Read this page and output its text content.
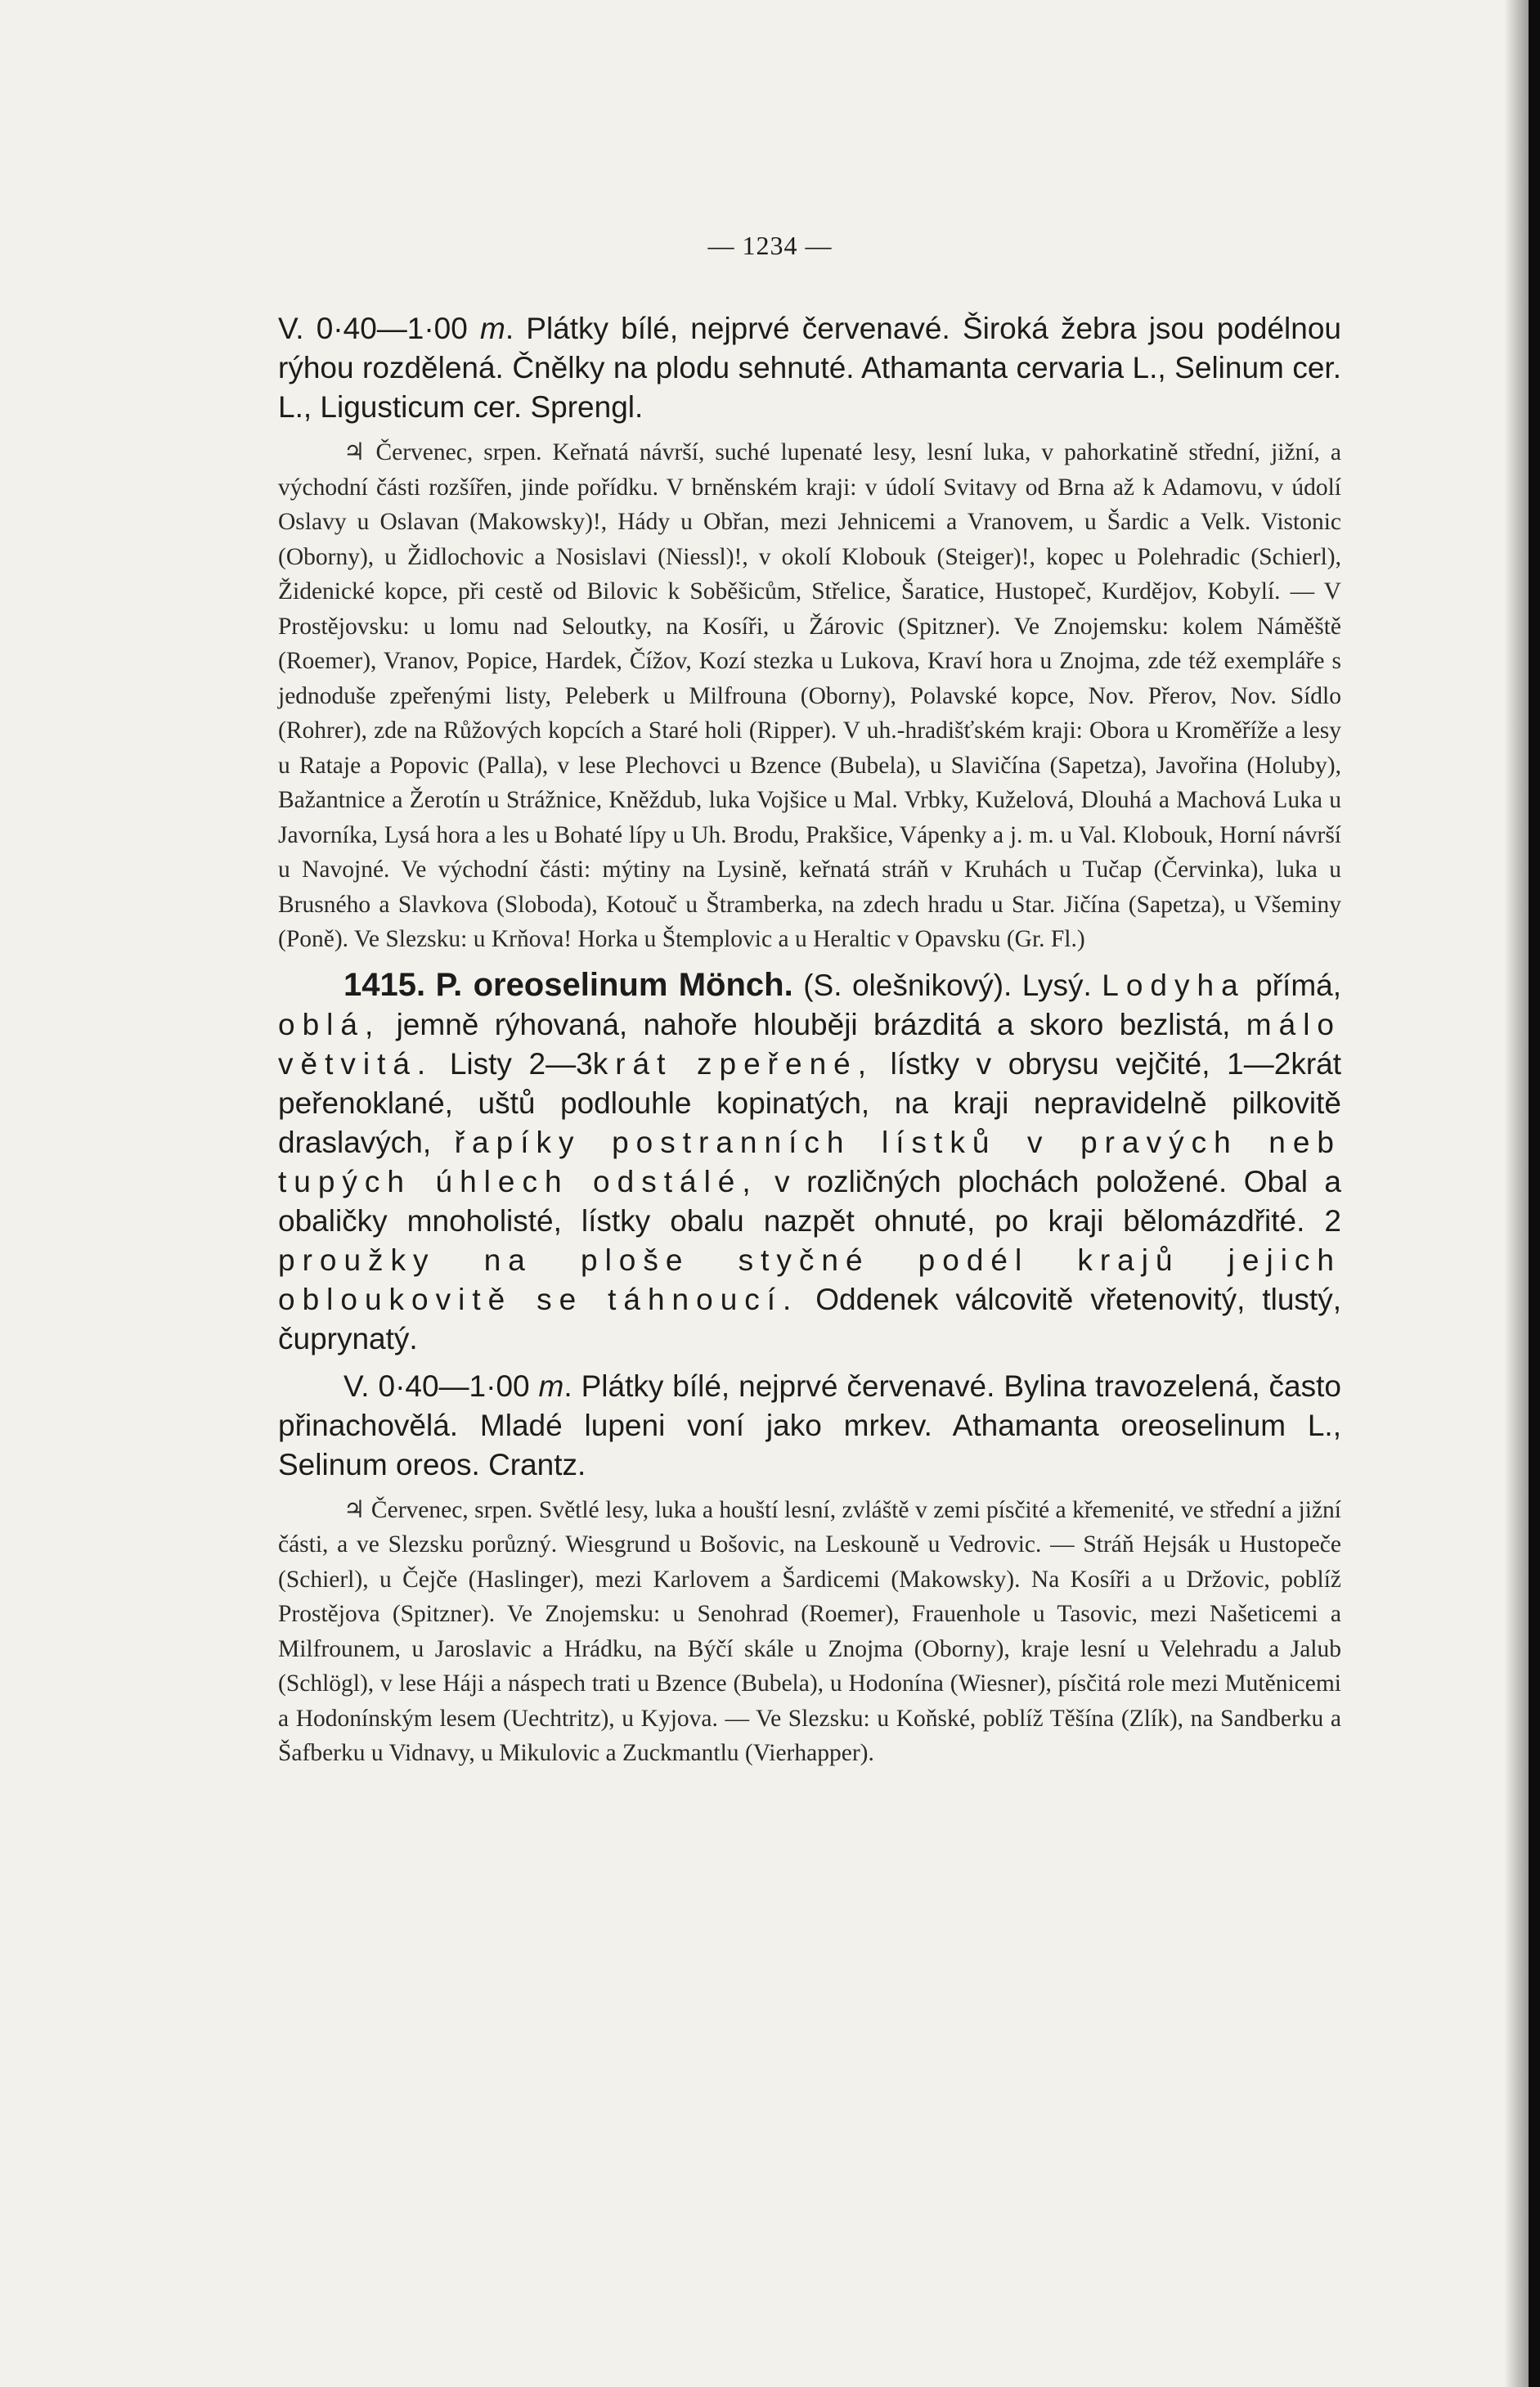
— 1234 —

V. 0·40—1·00 m. Plátky bílé, nejprvé červenavé. Široká žebra jsou podélnou rýhou rozdělená. Čnělky na plodu sehnuté. Athamanta cervaria L., Selinum cer. L., Ligusticum cer. Sprengl.

♃ Červenec, srpen. Keřnatá návrší, suché lupenaté lesy, lesní luka, v pahorkatině střední, jižní, a východní části rozšířen, jinde pořídku. V brněnském kraji: v údolí Svitavy od Brna až k Adamovu, v údolí Oslavy u Oslavan (Makowsky)!, Hády u Obřan, mezi Jehnicemi a Vranovem, u Šardic a Velk. Vistonic (Oborny), u Židlochovic a Nosislavi (Niessl)!, v okolí Klobouk (Steiger)!, kopec u Polehradic (Schierl), Židenické kopce, při cestě od Bilovic k Soběšicům, Střelice, Šaratice, Hustopeč, Kurdějov, Kobylí. — V Prostějovsku: u lomu nad Seloutky, na Kosíři, u Žárovic (Spitzner). Ve Znojemsku: kolem Náměště (Roemer), Vranov, Popice, Hardek, Čížov, Kozí stezka u Lukova, Kraví hora u Znojma, zde též exempláře s jednoduše zpeřenými listy, Peleberk u Milfrouna (Oborny), Polavské kopce, Nov. Přerov, Nov. Sídlo (Rohrer), zde na Růžových kopcích a Staré holi (Ripper). V uh.-hradišťském kraji: Obora u Kroměříže a lesy u Rataje a Popovic (Palla), v lese Plechovci u Bzence (Bubela), u Slavičína (Sapetza), Javořina (Holuby), Bažantnice a Žerotín u Strážnice, Kněždub, luka Vojšice u Mal. Vrbky, Kuželová, Dlouhá a Machová Luka u Javorníka, Lysá hora a les u Bohaté lípy u Uh. Brodu, Prakšice, Vápenky a j. m. u Val. Klobouk, Horní návrší u Navojné. Ve východní části: mýtiny na Lysině, keřnatá stráň v Kruhách u Tučap (Červinka), luka u Brusného a Slavkova (Sloboda), Kotouč u Štramberka, na zdech hradu u Star. Jičína (Sapetza), u Všeminy (Poně). Ve Slezsku: u Krňova! Horka u Štemplovic a u Heraltic v Opavsku (Gr. Fl.)

1415. P. oreoselinum Mönch. (S. olešnikový). Lysý. Lodyha přímá, oblá, jemně rýhovaná, nahoře hlouběji brázditá a skoro bezlistá, málo větvitá. Listy 2—3krát zpeřené, lístky v obrysu vejčité, 1—2krát peřenoklané, uštů podlouhle kopinatých, na kraji nepravidelně pilkovitě draslavých, řapíky postranních lístků v pravých neb tupých úhlech odstálé, v rozličných plochách položené. Obal a obaličky mnoholisté, lístky obalu nazpět ohnuté, po kraji bělomázdřité. 2 proužky na ploše styčné podél krajů jejich obloukovitě se táhnoucí. Oddenek válcovitě vřetenovitý, tlustý, čuprynatý.

V. 0·40—1·00 m. Plátky bílé, nejprvé červenavé. Bylina travozelená, často přinachovělá. Mladé lupeni voní jako mrkev. Athamanta oreoselinum L., Selinum oreos. Crantz.

♃ Červenec, srpen. Světlé lesy, luka a houští lesní, zvláště v zemi písčité a křemenité, ve střední a jižní části, a ve Slezsku porůzný. Wiesgrund u Bošovic, na Leskouně u Vedrovic. — Stráň Hejsák u Hustopeče (Schierl), u Čejče (Haslinger), mezi Karlovem a Šardicemi (Makowsky). Na Kosíři a u Držovic, poblíž Prostějova (Spitzner). Ve Znojemsku: u Senohrad (Roemer), Frauenhole u Tasovic, mezi Našeticemi a Milfrounem, u Jaroslavic a Hrádku, na Býčí skále u Znojma (Oborny), kraje lesní u Velehradu a Jalub (Schlögl), v lese Háji a náspech trati u Bzence (Bubela), u Hodonína (Wiesner), písčitá role mezi Mutěnicemi a Hodonínským lesem (Uechtritz), u Kyjova. — Ve Slezsku: u Koňské, poblíž Těšína (Zlík), na Sandberku a Šafberku u Vidnavy, u Mikulovic a Zuckmantlu (Vierhapper).
